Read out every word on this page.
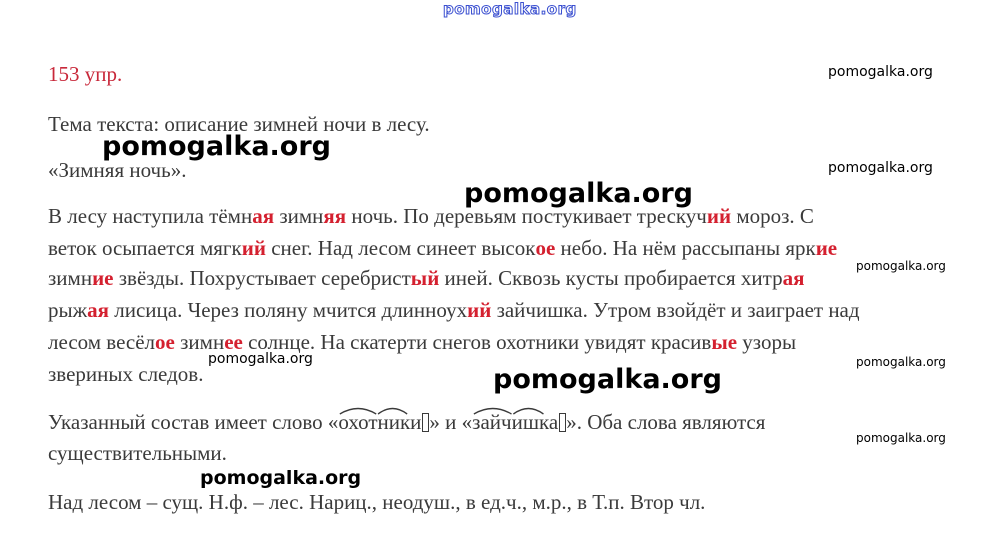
pomogalka.org
153 упр.
Тема текста: описание зимней ночи в лесу.
«Зимняя ночь».
В лесу наступила тёмная зимняя ночь. По деревьям постукивает трескучий мороз. С
веток осыпается мягкий снег. Над лесом синеет высокое небо. На нём рассыпаны яркие
зимние звёзды. Похрустывает серебристый иней. Сквозь кусты пробирается хитрая
рыжая лисица. Через поляну мчится длинноухий зайчишка. Утром взойдёт и заиграет над
лесом весёлое зимнее солнце. На скатерти снегов охотники увидят красивые узоры
звериных следов.
Указанный состав имеет слово «
охотники » и «
зайчишка ». Оба слова являются
существительными.
Над лесом – сущ. Н.ф. – лес. Нариц., неодуш., в ед.ч., м.р., в Т.п. Втор чл.
pomogalka.org
pomogalka.org
pomogalka.org
pomogalka.org
pomogalka.org
pomogalka.org	pomogalka.org
pomogalka.org
pomogalka.org
pomogalka.org
